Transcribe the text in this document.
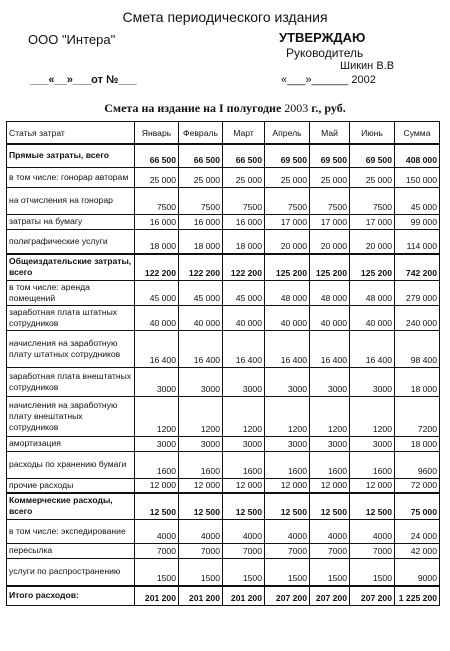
Смета периодического издания
ООО "Интера"	УТВЕРЖДАЮ
Руководитель
Шикин В.В
___«__»___от №___	«___»______ 2002
Смета на издание на I полугодие 2003 г., руб.
Статья затрат	Январь	Февраль	Март	Апрель	Май	Июнь	Сумма
Прямые затраты, всего	66 500	66 500	66 500	69 500	69 500	69 500	408 000
в том числе: гонорар авторам	25 000	25 000	25 000	25 000	25 000	25 000	150 000
на отчисления на гонорар	7500	7500	7500	7500	7500	7500	45 000
затраты на бумагу	16 000	16 000	16 000	17 000	17 000	17 000	99 000
полиграфические услуги	18 000	18 000	18 000	20 000	20 000	20 000	114 000
Общеиздательские затраты, всего	122 200	122 200	122 200	125 200	125 200	125 200	742 200
в том числе: аренда помещений	45 000	45 000	45 000	48 000	48 000	48 000	279 000
заработная плата штатных сотрудников	40 000	40 000	40 000	40 000	40 000	40 000	240 000
начисления на заработную плату штатных сотрудников	16 400	16 400	16 400	16 400	16 400	16 400	98 400
заработная плата внештатных сотрудников	3000	3000	3000	3000	3000	3000	18 000
начисления на заработную плату внештатных сотрудников	1200	1200	1200	1200	1200	1200	7200
амортизация	3000	3000	3000	3000	3000	3000	18 000
расходы по хранению бумаги	1600	1600	1600	1600	1600	1600	9600
прочие расходы	12 000	12 000	12 000	12 000	12 000	12 000	72 000
Коммерческие расходы, всего	12 500	12 500	12 500	12 500	12 500	12 500	75 000
в том числе: экспедирование	4000	4000	4000	4000	4000	4000	24 000
пересылка	7000	7000	7000	7000	7000	7000	42 000
услуги по распространению	1500	1500	1500	1500	1500	1500	9000
Итого расходов:	201 200	201 200	201 200	207 200	207 200	207 200	1 225 200
